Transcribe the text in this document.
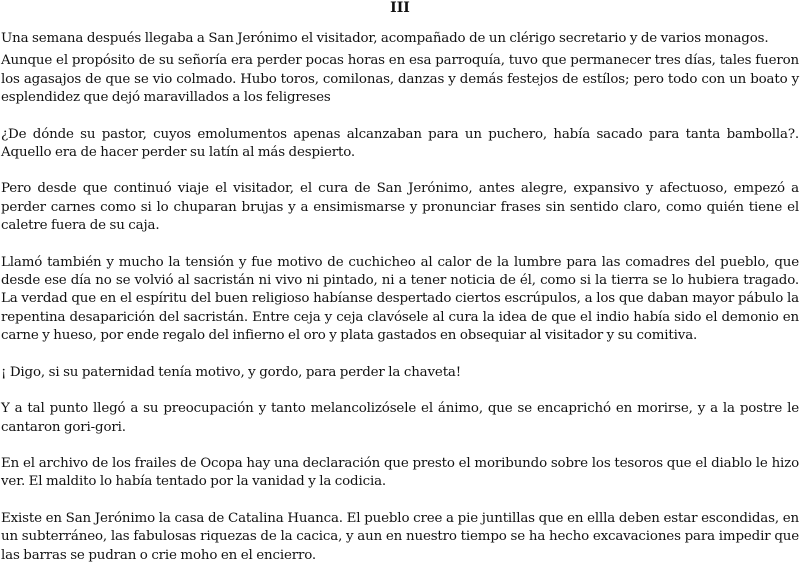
III

Una semana después llegaba a San Jerónimo el visitador, acompañado de un clérigo secretario y de varios monagos.

Aunque el propósito de su señoría era perder pocas horas en esa parroquía, tuvo que permanecer tres días, tales fueron los agasajos de que se vio colmado. Hubo toros, comilonas, danzas y demás festejos de estílos; pero todo con un boato y esplendidez que dejó maravillados a los feligreses

¿De dónde su pastor, cuyos emolumentos apenas alcanzaban para un puchero, había sacado para tanta bambolla?. Aquello era de hacer perder su latín al más despierto.

Pero desde que continuó viaje el visitador, el cura de San Jerónimo, antes alegre, expansivo y afectuoso, empezó a perder carnes como si lo chuparan brujas y a ensimismarse y pronunciar frases sin sentido claro, como quién tiene el caletre fuera de su caja.

Llamó también y mucho la tensión y fue motivo de cuchicheo al calor de la lumbre para las comadres del pueblo, que desde ese día no se volvió al sacristán ni vivo ni pintado, ni a tener noticia de él, como si la tierra se lo hubiera tragado. La verdad que en el espíritu del buen religioso habíanse despertado ciertos escrúpulos, a los que daban mayor pábulo la repentina desaparición del sacristán. Entre ceja y ceja clavósele al cura la idea de que el indio había sido el demonio en carne y hueso, por ende regalo del infierno el oro y plata gastados en obsequiar al visitador y su comitiva.

¡ Digo, si su paternidad tenía motivo, y gordo, para perder la chaveta!

Y a tal punto llegó a su preocupación y tanto melancolizósele el ánimo, que se encaprichó en morirse, y a la postre le cantaron gori-gori.

En el archivo de los frailes de Ocopa hay una declaración que presto el moribundo sobre los tesoros que el diablo le hizo ver. El maldito lo había tentado por la vanidad y la codicia.

Existe en San Jerónimo la casa de Catalina Huanca. El pueblo cree a pie juntillas que en ellla deben estar escondidas, en un subterráneo, las fabulosas riquezas de la cacica, y aun en nuestro tiempo se ha hecho excavaciones para impedir que las barras se pudran o crie moho en el encierro.
